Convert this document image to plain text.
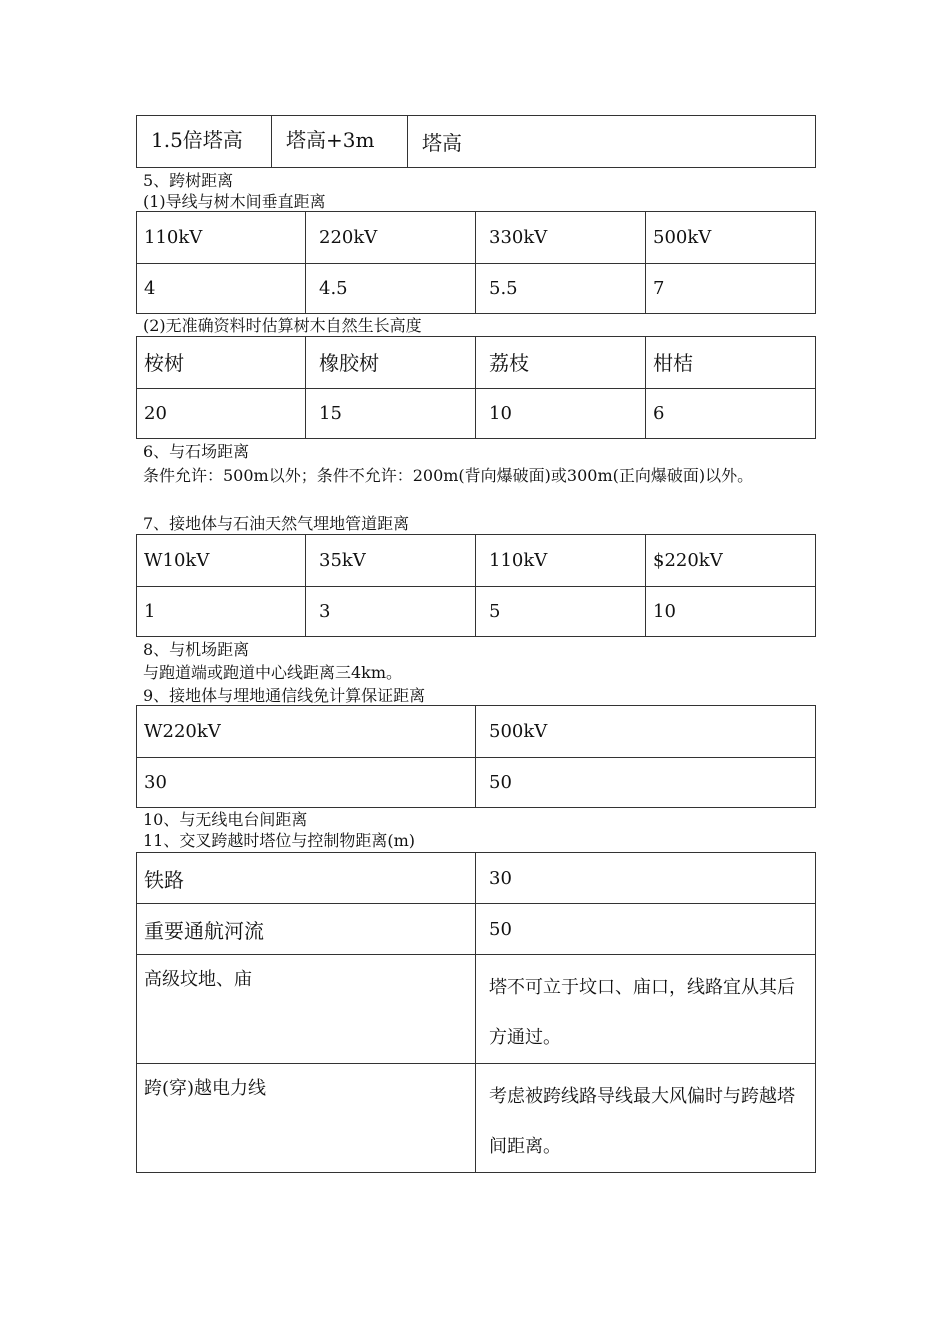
1.5倍塔高	塔高+3m	塔高
5、跨树距离
(1)导线与树木间垂直距离
110kV	220kV	330kV	500kV
4	4.5	5.5	7
(2)无准确资料时估算树木自然生长高度
桉树	橡胶树	荔枝	柑桔
20	15	10	6
6、与石场距离
条件允许：500m以外；条件不允许：200m(背向爆破面)或300m(正向爆破面)以外。
7、接地体与石油天然气埋地管道距离
W10kV	35kV	110kV	$220kV
1	3	5	10
8、与机场距离
与跑道端或跑道中心线距离三4km。
9、接地体与埋地通信线免计算保证距离
W220kV	500kV
30	50
10、与无线电台间距离
11、交叉跨越时塔位与控制物距离(m)
铁路	30
重要通航河流	50
高级坟地、庙	塔不可立于坟口、庙口，线路宜从其后方通过。
跨(穿)越电力线	考虑被跨线路导线最大风偏时与跨越塔间距离。
